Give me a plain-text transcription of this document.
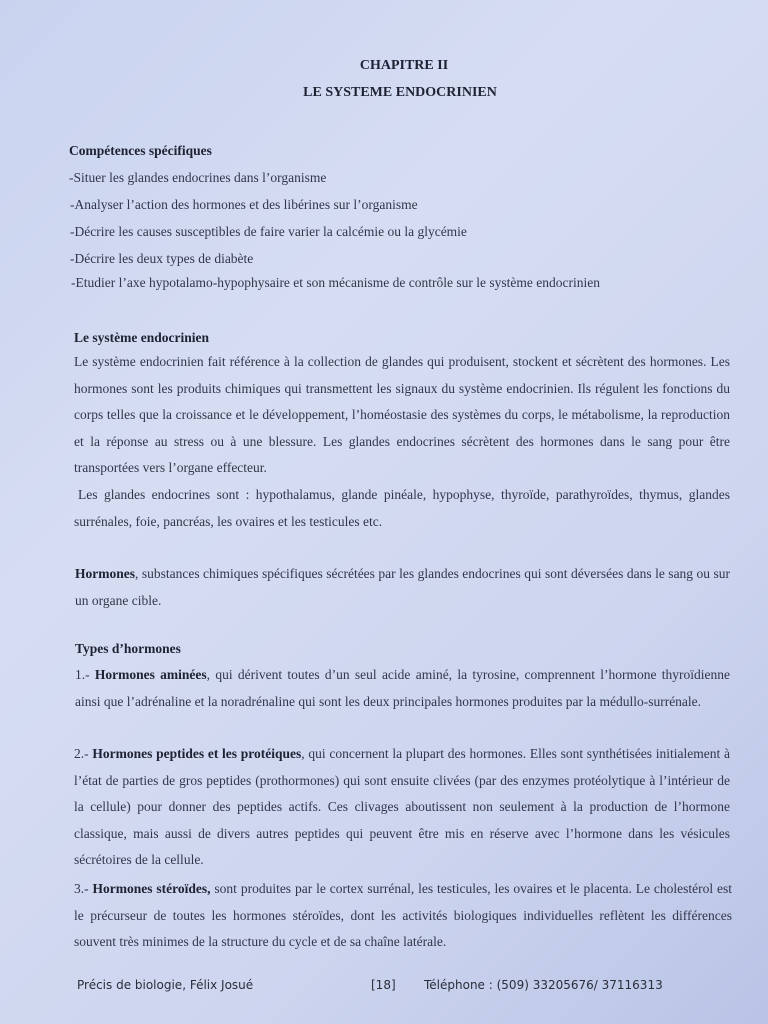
CHAPITRE II
LE SYSTEME ENDOCRINIEN
Compétences spécifiques
-Situer les glandes endocrines dans l’organisme
-Analyser l’action des hormones et des libérines sur l’organisme
-Décrire les causes susceptibles de faire varier la calcémie ou la glycémie
-Décrire les deux types de diabète
-Etudier l’axe hypotalamo-hypophysaire et son mécanisme de contrôle sur le système endocrinien
Le système endocrinien
Le système endocrinien fait référence à la collection de glandes qui produisent, stockent et sécrètent des hormones. Les hormones sont les produits chimiques qui transmettent les signaux du système endocrinien. Ils régulent les fonctions du corps telles que la croissance et le développement, l’homéostasie des systèmes du corps, le métabolisme, la reproduction et la réponse au stress ou à une blessure. Les glandes endocrines sécrètent des hormones dans le sang pour être transportées vers l’organe effecteur.
Les glandes endocrines sont : hypothalamus, glande pinéale, hypophyse, thyroïde, parathyroïdes, thymus, glandes surrénales, foie, pancréas, les ovaires et les testicules etc.
Hormones, substances chimiques spécifiques sécrétées par les glandes endocrines qui sont déversées dans le sang ou sur un organe cible.
Types d’hormones
1.- Hormones aminées, qui dérivent toutes d’un seul acide aminé, la tyrosine, comprennent l’hormone thyroïdienne ainsi que l’adrénaline et la noradrénaline qui sont les deux principales hormones produites par la médullo-surrénale.
2.- Hormones peptides et les protéiques, qui concernent la plupart des hormones. Elles sont synthétisées initialement à l’état de parties de gros peptides (prothormones) qui sont ensuite clivées (par des enzymes protéolytique à l’intérieur de la cellule) pour donner des peptides actifs. Ces clivages aboutissent non seulement à la production de l’hormone classique, mais aussi de divers autres peptides qui peuvent être mis en réserve avec l’hormone dans les vésicules sécrétoires de la cellule.
3.- Hormones stéroïdes, sont produites par le cortex surrénal, les testicules, les ovaires et le placenta. Le cholestérol est le précurseur de toutes les hormones stéroïdes, dont les activités biologiques individuelles reflètent les différences souvent très minimes de la structure du cycle et de sa chaîne latérale.
Précis de biologie, Félix Josué	[18] Téléphone : (509) 33205676/ 37116313
